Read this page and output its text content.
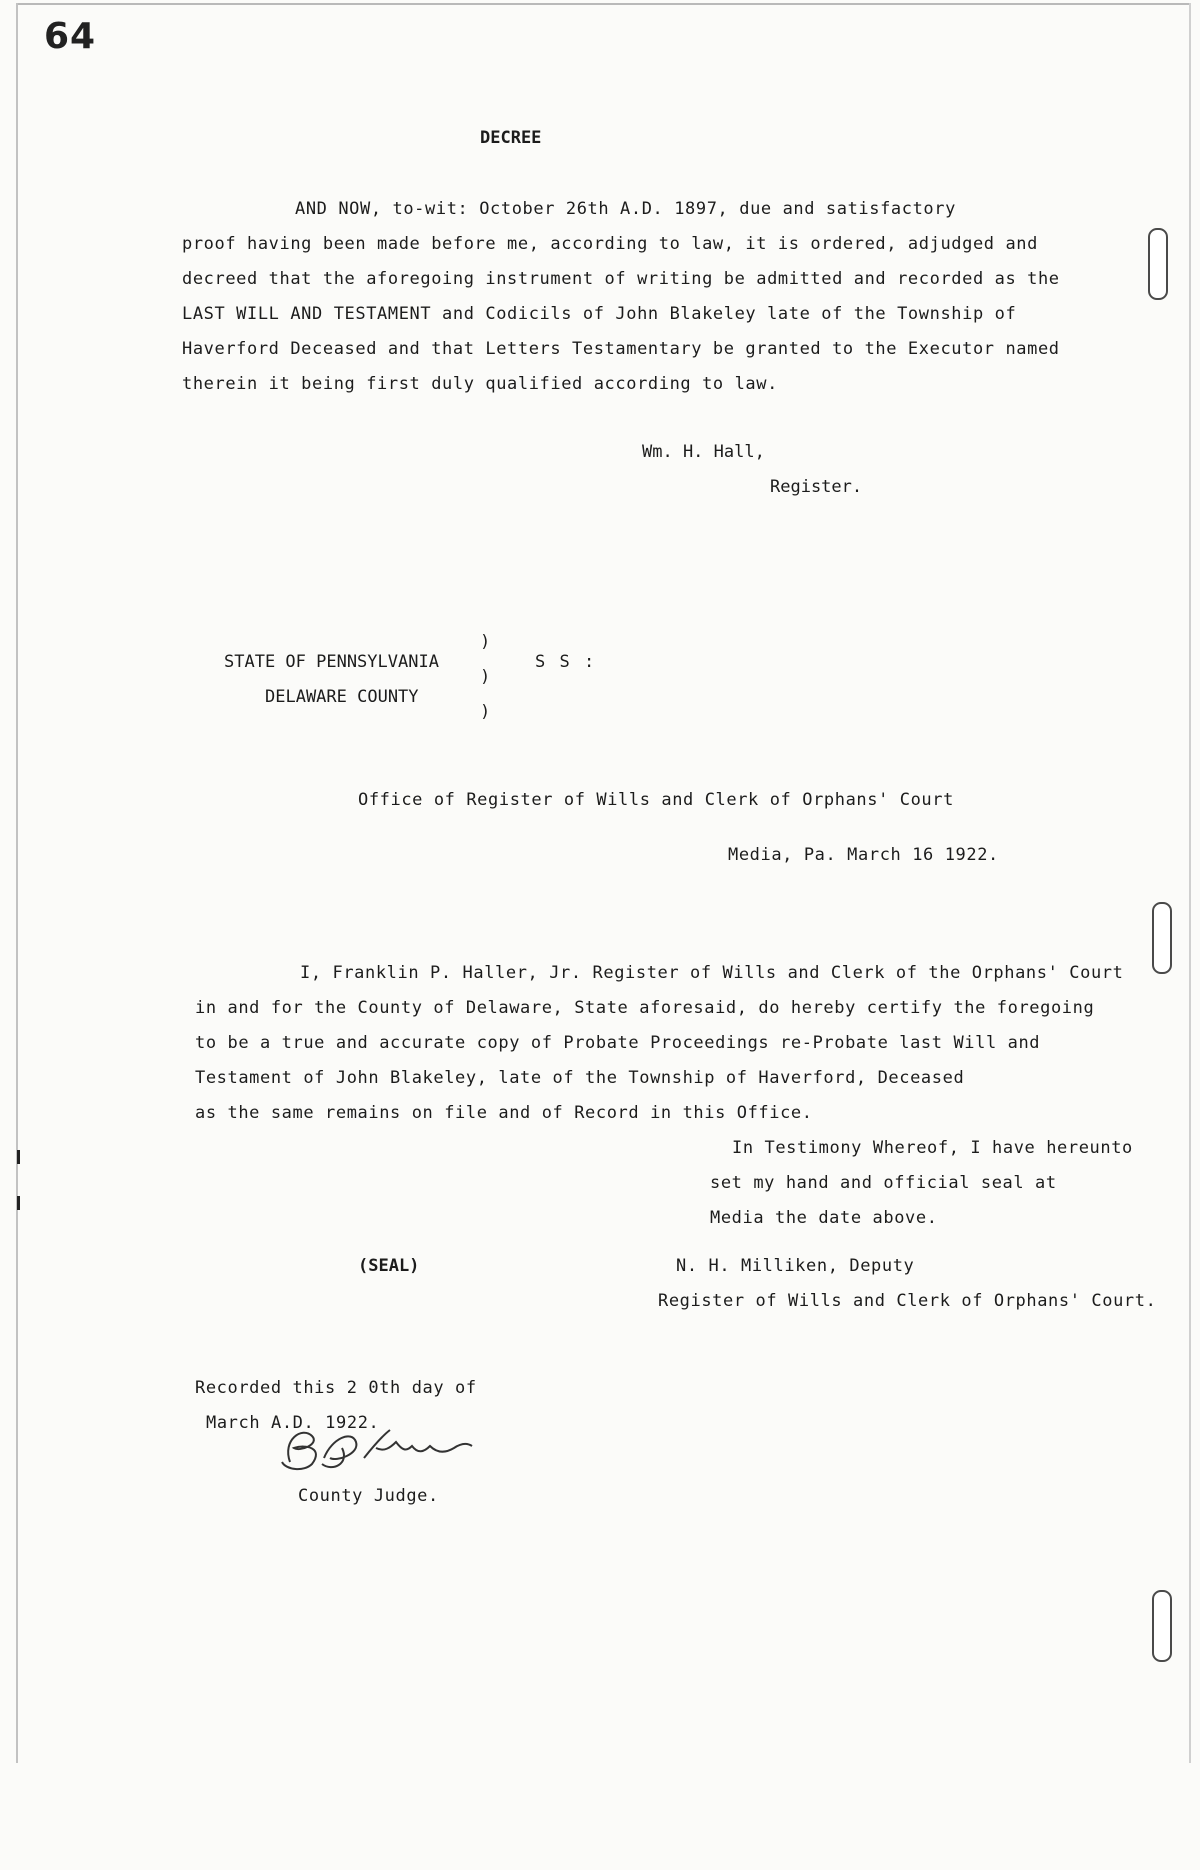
64
DECREE
AND NOW, to-wit: October 26th A.D. 1897, due and satisfactory
proof having been made before me, according to law, it is ordered, adjudged and
decreed that the aforegoing instrument of writing be admitted and recorded as the
LAST WILL AND TESTAMENT and Codicils of John Blakeley late of the Township of
Haverford Deceased and that Letters Testamentary be granted to the Executor named
therein it being first duly qualified according to law.
Wm. H. Hall,
Register.
STATE OF PENNSYLVANIA
DELAWARE COUNTY
)
)
)
S S :
Office of Register of Wills and Clerk of Orphans' Court
Media, Pa. March 16 1922.
I, Franklin P. Haller, Jr. Register of Wills and Clerk of the Orphans' Court
in and for the County of Delaware, State aforesaid, do hereby certify the foregoing
to be a true and accurate copy of Probate Proceedings re-Probate last Will and
Testament of John Blakeley, late of the Township of Haverford, Deceased
as the same remains on file and of Record in this Office.
In Testimony Whereof, I have hereunto
set my hand and official seal at
Media the date above.
(SEAL)	N. H. Milliken, Deputy
Register of Wills and Clerk of Orphans' Court.
Recorded this 2 0th day of
March A.D. 1922.
County Judge.
